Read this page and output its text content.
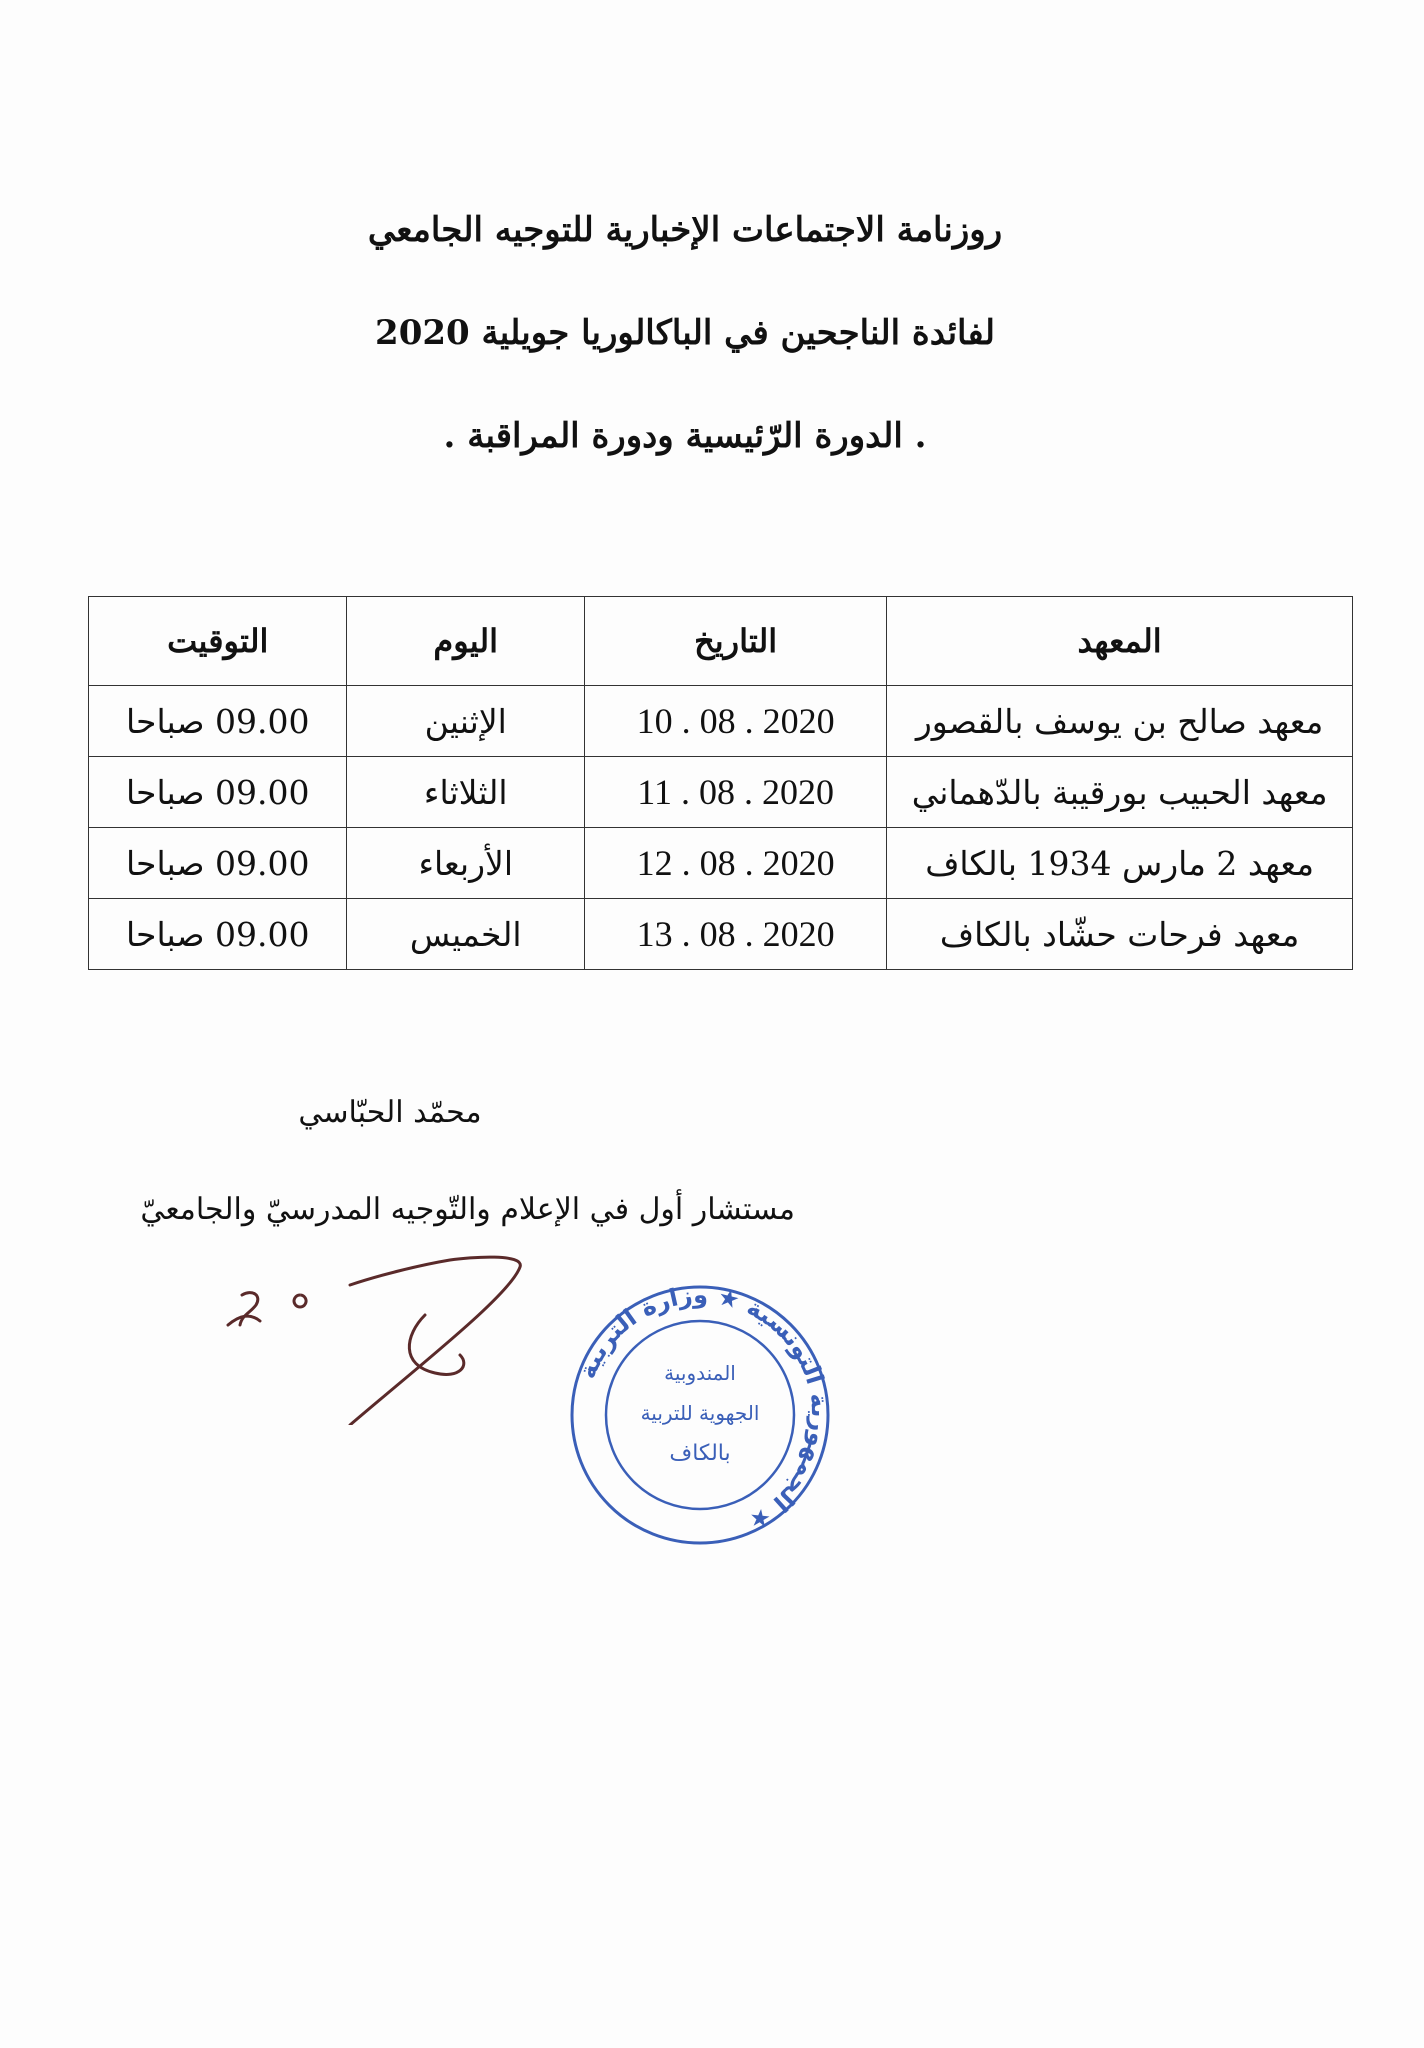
روزنامة الاجتماعات الإخبارية للتوجيه الجامعي
لفائدة الناجحين في الباكالوريا جويلية 2020
. الدورة الرّئيسية ودورة المراقبة .
المعهد	التاريخ	اليوم	التوقيت
معهد صالح بن يوسف بالقصور	10 . 08 . 2020	الإثنين	09.00 صباحا
معهد الحبيب بورقيبة بالدّهماني	11 . 08 . 2020	الثلاثاء	09.00 صباحا
معهد 2 مارس 1934 بالكاف	12 . 08 . 2020	الأربعاء	09.00 صباحا
معهد فرحات حشّاد بالكاف	13 . 08 . 2020	الخميس	09.00 صباحا
محمّد الحبّاسي
مستشار أول في الإعلام والتّوجيه المدرسيّ والجامعيّ
الجمهورية التونسية ★ وزارة التربية ★
المندوبية
الجهوية للتربية
بالكاف
